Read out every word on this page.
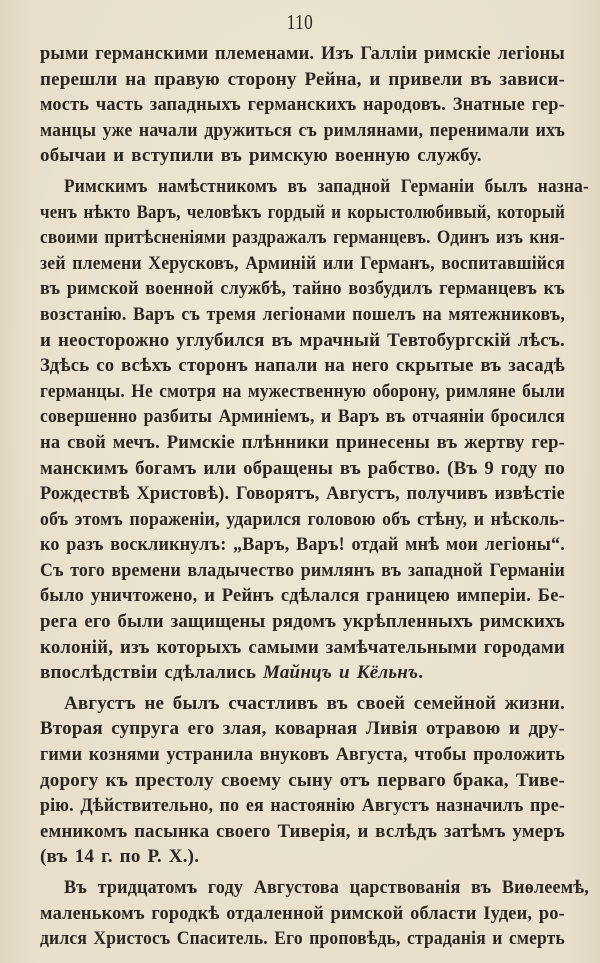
110
рыми германскими племенами. Изъ Галліи римскіе легіоны
перешли на правую сторону Рейна, и привели въ зависи-
мость часть западныхъ германскихъ народовъ. Знатные гер-
манцы уже начали дружиться съ римлянами, перенимали ихъ
обычаи и вступили въ римскую военную службу.
Римскимъ намѣстникомъ въ западной Германіи былъ назна-
ченъ нѣкто Варъ, человѣкъ гордый и корыстолюбивый, который
своими притѣсненіями раздражалъ германцевъ. Одинъ изъ кня-
зей племени Херусковъ, Арминій или Германъ, воспитавшійся
въ римской военной службѣ, тайно возбудилъ германцевъ къ
возстанію. Варъ съ тремя легіонами пошелъ на мятежниковъ,
и неосторожно углубился въ мрачный Тевтобургскій лѣсъ.
Здѣсь со всѣхъ сторонъ напали на него скрытые въ засадѣ
германцы. Не смотря на мужественную оборону, римляне были
совершенно разбиты Арминіемъ, и Варъ въ отчаяніи бросился
на свой мечъ. Римскіе плѣнники принесены въ жертву гер-
манскимъ богамъ или обращены въ рабство. (Въ 9 году по
Рождествѣ Христовѣ). Говорятъ, Августъ, получивъ извѣстіе
объ этомъ пораженіи, ударился головою объ стѣну, и нѣсколь-
ко разъ воскликнулъ: „Варъ, Варъ! отдай мнѣ мои легіоны“.
Съ того времени владычество римлянъ въ западной Германіи
было уничтожено, и Рейнъ сдѣлался границею имперіи. Бе-
рега его были защищены рядомъ укрѣпленныхъ римскихъ
колоній, изъ которыхъ самыми замѣчательными городами
впослѣдствіи сдѣлались Майнцъ и Кёльнъ.
Августъ не былъ счастливъ въ своей семейной жизни.
Вторая супруга его злая, коварная Ливія отравою и дру-
гими кознями устранила внуковъ Августа, чтобы проложить
дорогу къ престолу своему сыну отъ перваго брака, Тиве-
рію. Дѣйствительно, по ея настоянію Августъ назначилъ пре-
емникомъ пасынка своего Тиверія, и вслѣдъ затѣмъ умеръ
(въ 14 г. по Р. Х.).
Въ тридцатомъ году Августова царствованія въ Виѳлеемѣ,
маленькомъ городкѣ отдаленной римской области Іудеи, ро-
дился Христосъ Спаситель. Его проповѣдь, страданія и смерть
